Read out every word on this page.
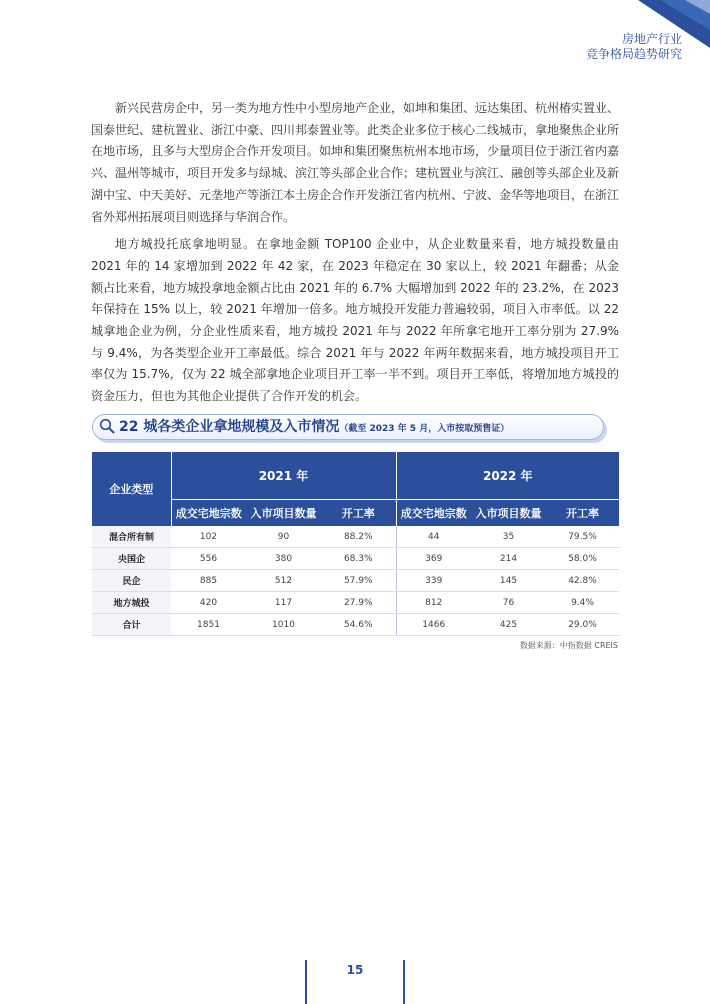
房地产行业
竞争格局趋势研究

新兴民营房企中，另一类为地方性中小型房地产企业，如坤和集团、远达集团、杭州椿实置业、国泰世纪、建杭置业、浙江中豪、四川邦泰置业等。此类企业多位于核心二线城市，拿地聚焦企业所在地市场，且多与大型房企合作开发项目。如坤和集团聚焦杭州本地市场，少量项目位于浙江省内嘉兴、温州等城市，项目开发多与绿城、滨江等头部企业合作；建杭置业与滨江、融创等头部企业及新湖中宝、中天美好、元垄地产等浙江本土房企合作开发浙江省内杭州、宁波、金华等地项目，在浙江省外郑州拓展项目则选择与华润合作。

地方城投托底拿地明显。在拿地金额 TOP100 企业中，从企业数量来看，地方城投数量由 2021 年的 14 家增加到 2022 年 42 家，在 2023 年稳定在 30 家以上，较 2021 年翻番；从金额占比来看，地方城投拿地金额占比由 2021 年的 6.7% 大幅增加到 2022 年的 23.2%，在 2023 年保持在 15% 以上，较 2021 年增加一倍多。地方城投开发能力普遍较弱，项目入市率低。以 22 城拿地企业为例，分企业性质来看，地方城投 2021 年与 2022 年所拿宅地开工率分别为 27.9% 与 9.4%，为各类型企业开工率最低。综合 2021 年与 2022 年两年数据来看，地方城投项目开工率仅为 15.7%，仅为 22 城全部拿地企业项目开工率一半不到。项目开工率低，将增加地方城投的资金压力，但也为其他企业提供了合作开发的机会。

22 城各类企业拿地规模及入市情况（截至 2023 年 5 月，入市按取预售证）
企业类型	2021 年			2022 年		
	成交宅地宗数	入市项目数量	开工率	成交宅地宗数	入市项目数量	开工率
混合所有制	102	90	88.2%	44	35	79.5%
央国企	556	380	68.3%	369	214	58.0%
民企	885	512	57.9%	339	145	42.8%
地方城投	420	117	27.9%	812	76	9.4%
合计	1851	1010	54.6%	1466	425	29.0%
数据来源：中指数据 CREIS
15
